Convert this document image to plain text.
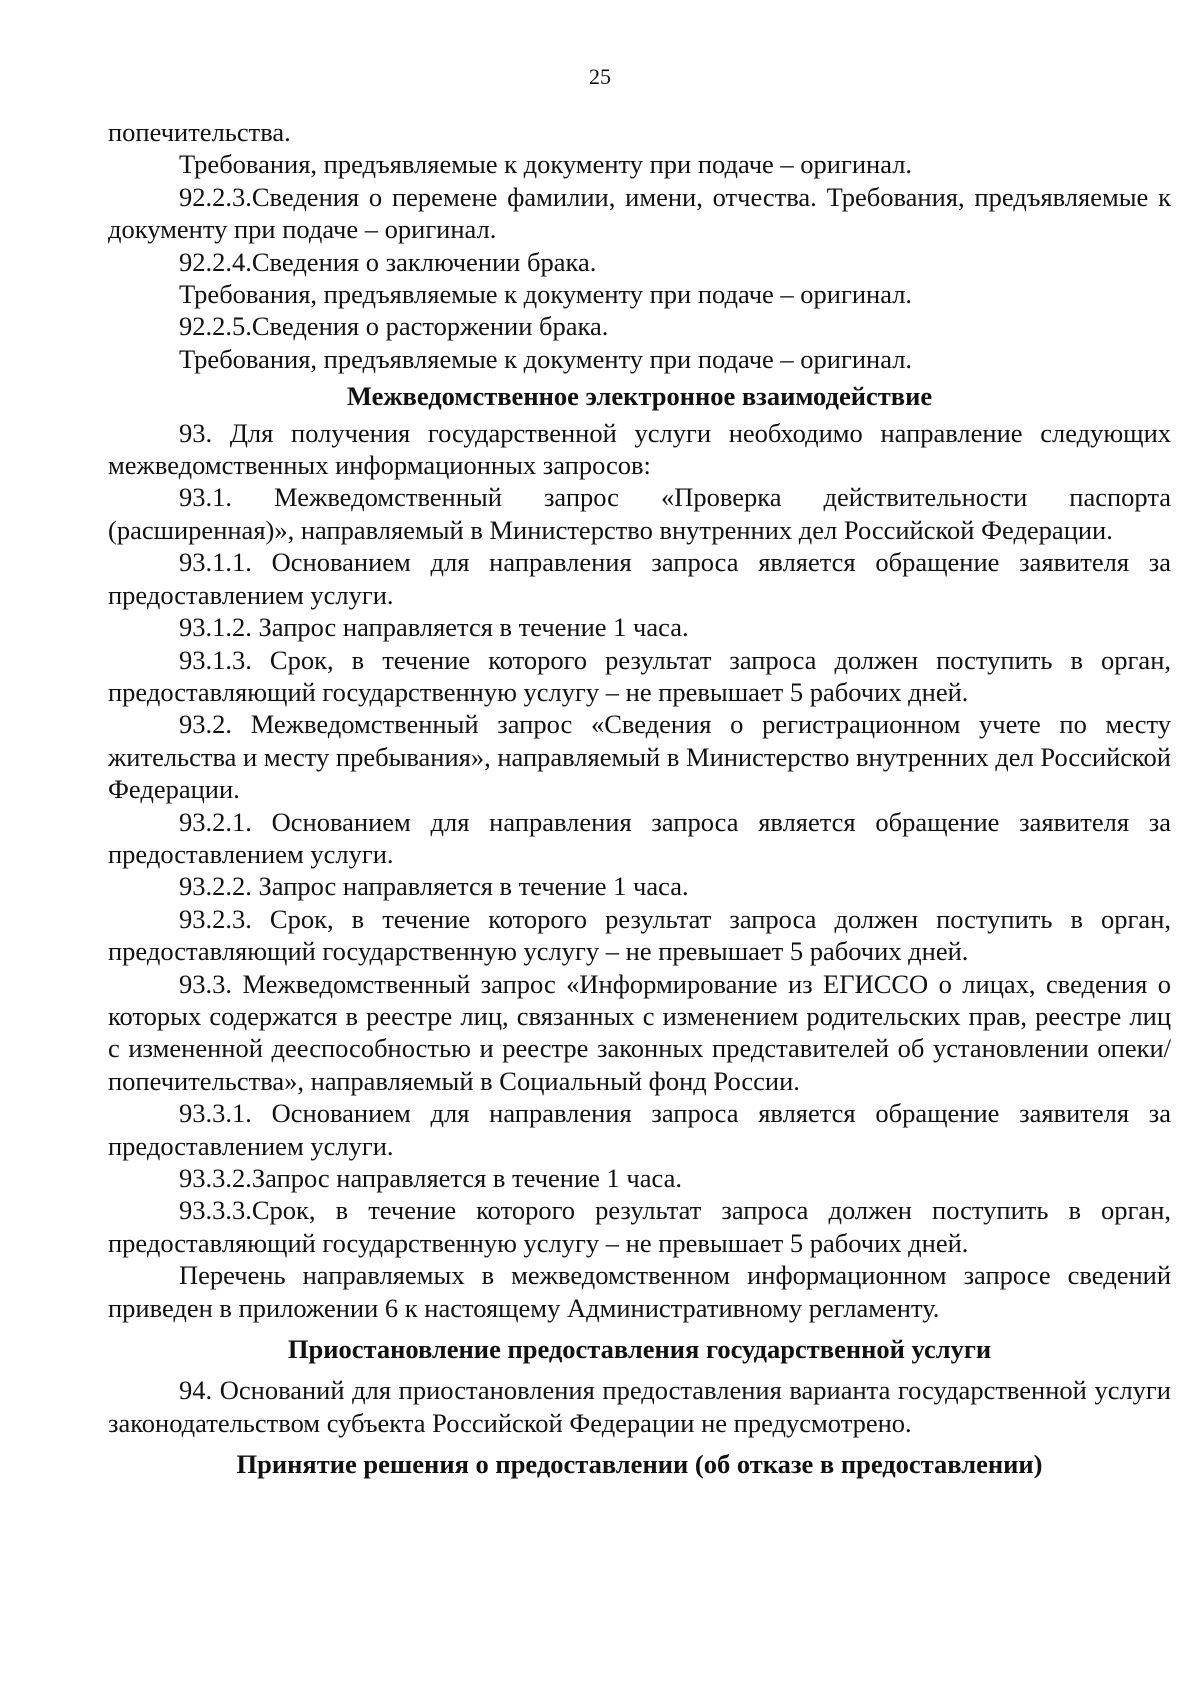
25

попечительства.

Требования, предъявляемые к документу при подаче – оригинал.

92.2.3.Сведения о перемене фамилии, имени, отчества. Требования, предъявляемые к документу при подаче – оригинал.

92.2.4.Сведения о заключении брака.

Требования, предъявляемые к документу при подаче – оригинал.

92.2.5.Сведения о расторжении брака.

Требования, предъявляемые к документу при подаче – оригинал.

Межведомственное электронное взаимодействие

93. Для получения государственной услуги необходимо направление следующих межведомственных информационных запросов:

93.1. Межведомственный запрос «Проверка действительности паспорта (расширенная)», направляемый в Министерство внутренних дел Российской Федерации.

93.1.1. Основанием для направления запроса является обращение заявителя за предоставлением услуги.

93.1.2. Запрос направляется в течение 1 часа.

93.1.3. Срок, в течение которого результат запроса должен поступить в орган, предоставляющий государственную услугу – не превышает 5 рабочих дней.

93.2. Межведомственный запрос «Сведения о регистрационном учете по месту жительства и месту пребывания», направляемый в Министерство внутренних дел Российской Федерации.

93.2.1. Основанием для направления запроса является обращение заявителя за предоставлением услуги.

93.2.2. Запрос направляется в течение 1 часа.

93.2.3. Срок, в течение которого результат запроса должен поступить в орган, предоставляющий государственную услугу – не превышает 5 рабочих дней.

93.3. Межведомственный запрос «Информирование из ЕГИССО о лицах, сведения о которых содержатся в реестре лиц, связанных с изменением родительских прав, реестре лиц с измененной дееспособностью и реестре законных представителей об установлении опеки/ попечительства», направляемый в Социальный фонд России.

93.3.1. Основанием для направления запроса является обращение заявителя за предоставлением услуги.

93.3.2.Запрос направляется в течение 1 часа.

93.3.3.Срок, в течение которого результат запроса должен поступить в орган, предоставляющий государственную услугу – не превышает 5 рабочих дней.

Перечень направляемых в межведомственном информационном запросе сведений приведен в приложении 6 к настоящему Административному регламенту.

Приостановление предоставления государственной услуги

94. Оснований для приостановления предоставления варианта государственной услуги законодательством субъекта Российской Федерации не предусмотрено.

Принятие решения о предоставлении (об отказе в предоставлении)
